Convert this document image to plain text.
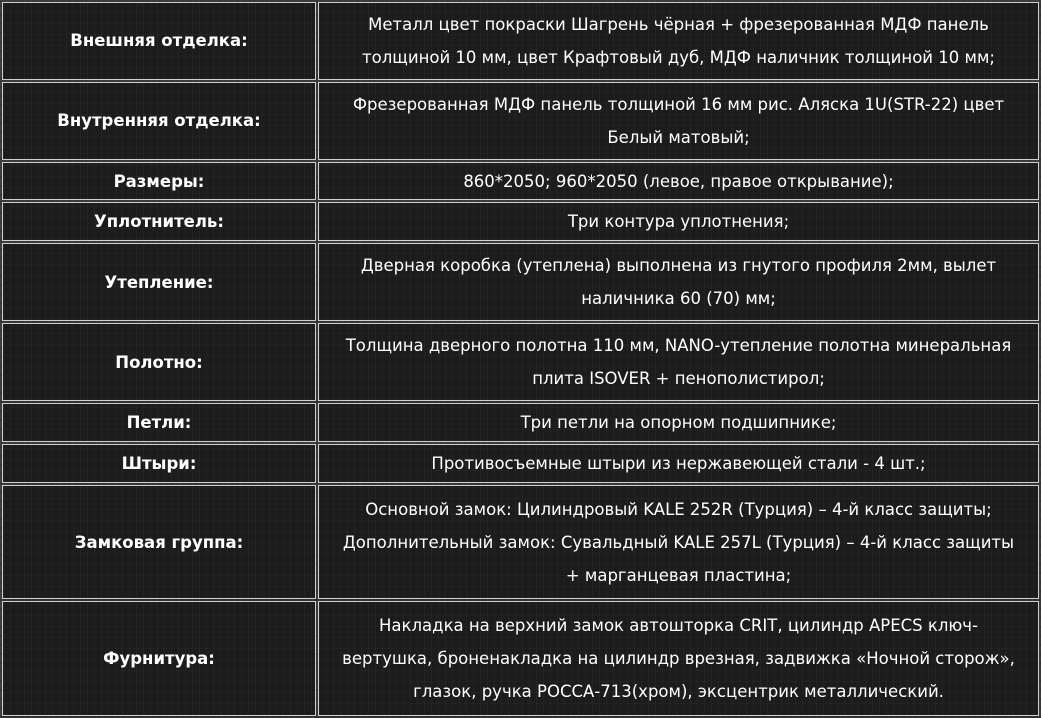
Внешняя отделка:	Металл цвет покраски Шагрень чёрная + фрезерованная МДФ панель
толщиной 10 мм, цвет Крафтовый дуб, МДФ наличник толщиной 10 мм;

Внутренняя отделка:	Фрезерованная МДФ панель толщиной 16 мм рис. Аляска 1U(STR-22) цвет
Белый матовый;

Размеры:	860*2050; 960*2050 (левое, правое открывание);

Уплотнитель:	Три контура уплотнения;

Утепление:	Дверная коробка (утеплена) выполнена из гнутого профиля 2мм, вылет
наличника 60 (70) мм;

Полотно:	Толщина дверного полотна 110 мм, NANO-утепление полотна минеральная
плита ISOVER + пенополистирол;

Петли:	Три петли на опорном подшипнике;

Штыри:	Противосъемные штыри из нержавеющей стали - 4 шт.;

Замковая группа:	Основной замок: Цилиндровый KALE 252R (Турция) – 4-й класс защиты;
Дополнительный замок: Сувальдный KALE 257L (Турция) – 4-й класс защиты
+ марганцевая пластина;

Фурнитура:	Накладка на верхний замок автошторка CRIT, цилиндр APECS ключ-
вертушка, броненакладка на цилиндр врезная, задвижка «Ночной сторож»,
глазок, ручка РОССА-713(хром), эксцентрик металлический.
